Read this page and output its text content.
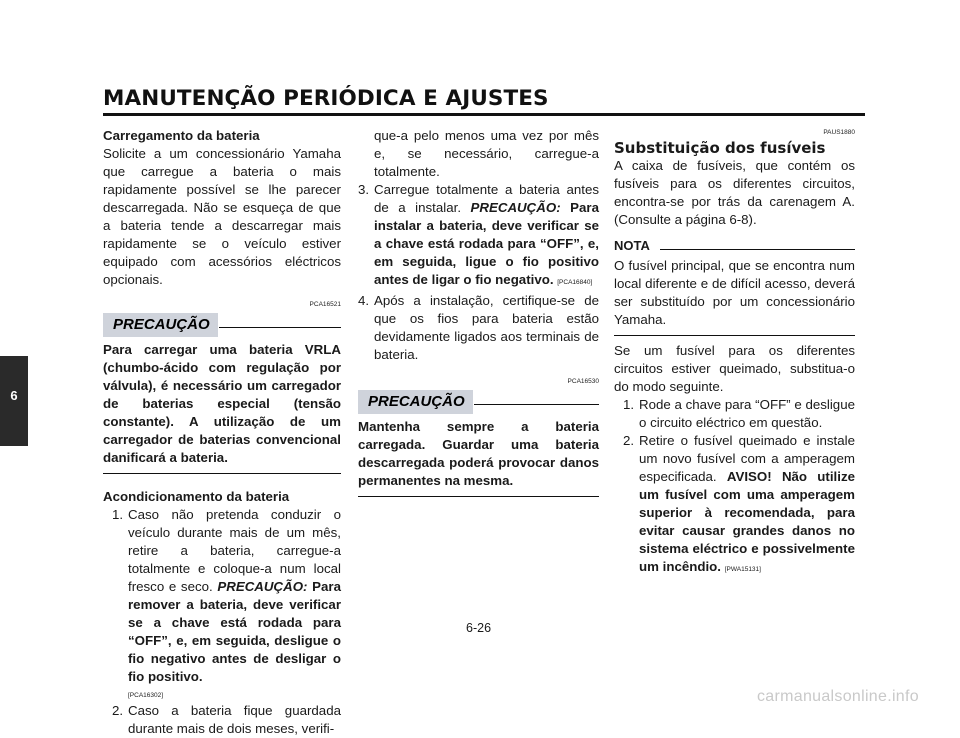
MANUTENÇÃO PERIÓDICA E AJUSTES
6

Carregamento da bateria

Solicite a um concessionário Yamaha que carregue a bateria o mais rapidamente possível se lhe parecer descarregada. Não se esqueça de que a bateria tende a descarregar mais rapidamente se o veículo estiver equipado com acessórios eléctricos opcionais.

PCA16521

PRECAUÇÃO

Para carregar uma bateria VRLA (chumbo-ácido com regulação por válvula), é necessário um carregador de baterias especial (tensão constante). A utilização de um carregador de baterias convencional danificará a bateria.

Acondicionamento da bateria

1. Caso não pretenda conduzir o veículo durante mais de um mês, retire a bateria, carregue-a totalmente e coloque-a num local fresco e seco. PRECAUÇÃO: Para remover a bateria, deve verificar se a chave está rodada para “OFF”, e, em seguida, desligue o fio negativo antes de desligar o fio positivo.
[PCA16302]
2. Caso a bateria fique guardada durante mais de dois meses, verifi-

que-a pelo menos uma vez por mês e, se necessário, carregue-a totalmente.

3. Carregue totalmente a bateria antes de a instalar. PRECAUÇÃO: Para instalar a bateria, deve verificar se a chave está rodada para “OFF”, e, em seguida, ligue o fio positivo antes de ligar o fio negativo. [PCA16840]
4. Após a instalação, certifique-se de que os fios para bateria estão devidamente ligados aos terminais de bateria.

PCA16530

PRECAUÇÃO

Mantenha sempre a bateria carregada. Guardar uma bateria descarregada poderá provocar danos permanentes na mesma.

PAUS1880

Substituição dos fusíveis

A caixa de fusíveis, que contém os fusíveis para os diferentes circuitos, encontra-se por trás da carenagem A. (Consulte a página 6-8).

NOTA

O fusível principal, que se encontra num local diferente e de difícil acesso, deverá ser substituído por um concessionário Yamaha.

Se um fusível para os diferentes circuitos estiver queimado, substitua-o do modo seguinte.

1. Rode a chave para “OFF” e desligue o circuito eléctrico em questão.
2. Retire o fusível queimado e instale um novo fusível com a amperagem especificada. AVISO! Não utilize um fusível com uma amperagem superior à recomendada, para evitar causar grandes danos no sistema eléctrico e possivelmente um incêndio. [PWA15131]
6-26
carmanualsonline.info
